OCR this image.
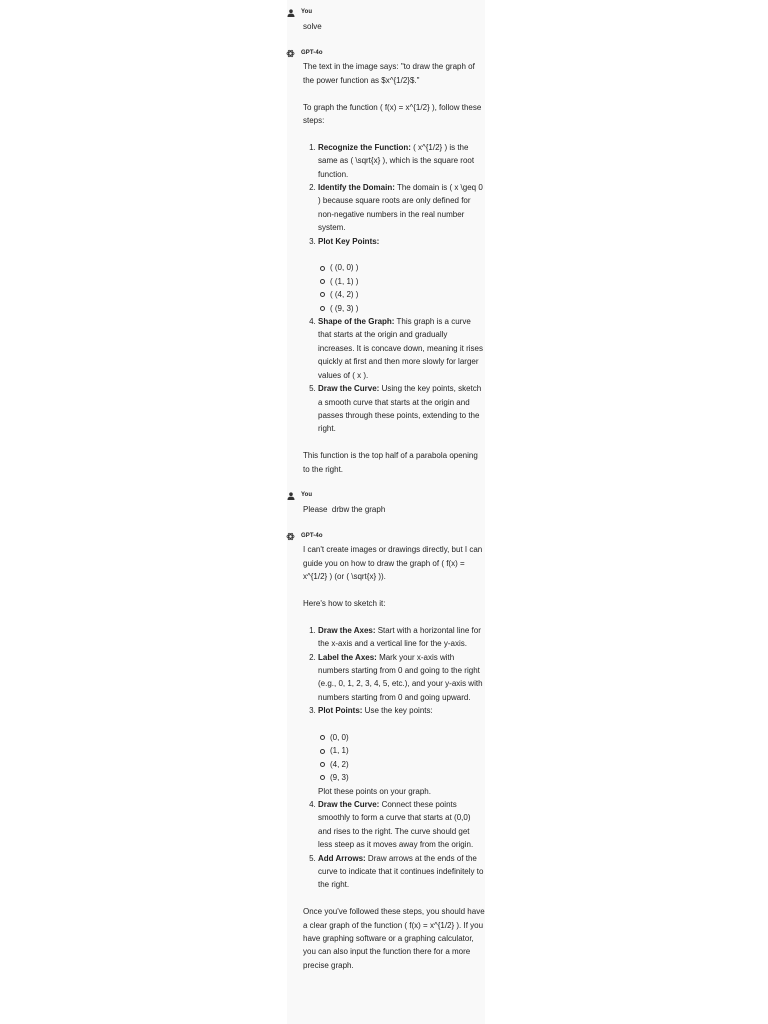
You

solve

GPT-4o

The text in the image says: "to draw the graph of the power function as $x^{1/2}$."

To graph the function ( f(x) = x^{1/2} ), follow these steps:

1. Recognize the Function: ( x^{1/2} ) is the same as ( \sqrt{x} ), which is the square root function.
2. Identify the Domain: The domain is ( x \geq 0 ) because square roots are only defined for non-negative numbers in the real number system.
3. Plot Key Points:
( (0, 0) )
( (1, 1) )
( (4, 2) )
( (9, 3) )
4. Shape of the Graph: This graph is a curve that starts at the origin and gradually increases. It is concave down, meaning it rises quickly at first and then more slowly for larger values of ( x ).
5. Draw the Curve: Using the key points, sketch a smooth curve that starts at the origin and passes through these points, extending to the right.

This function is the top half of a parabola opening to the right.

You

Please  drbw the graph

GPT-4o

I can't create images or drawings directly, but I can guide you on how to draw the graph of ( f(x) = x^{1/2} ) (or ( \sqrt{x} )).

Here's how to sketch it:

1. Draw the Axes: Start with a horizontal line for the x-axis and a vertical line for the y-axis.
2. Label the Axes: Mark your x-axis with numbers starting from 0 and going to the right (e.g., 0, 1, 2, 3, 4, 5, etc.), and your y-axis with numbers starting from 0 and going upward.
3. Plot Points: Use the key points:
(0, 0)
(1, 1)
(4, 2)
(9, 3)

Plot these points on your graph.

4. Draw the Curve: Connect these points smoothly to form a curve that starts at (0,0) and rises to the right. The curve should get less steep as it moves away from the origin.
5. Add Arrows: Draw arrows at the ends of the curve to indicate that it continues indefinitely to the right.

Once you've followed these steps, you should have a clear graph of the function ( f(x) = x^{1/2} ). If you have graphing software or a graphing calculator, you can also input the function there for a more precise graph.
